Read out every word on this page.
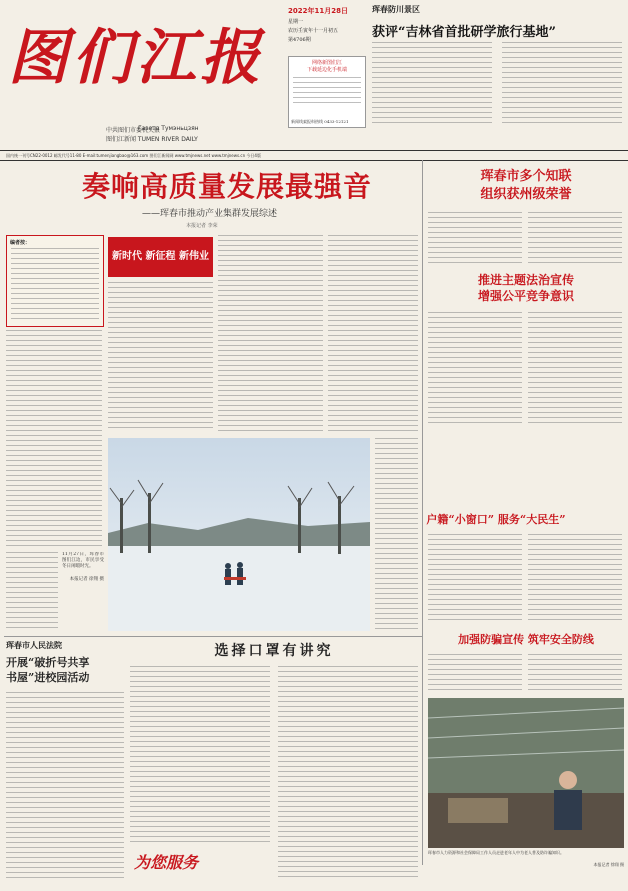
图们江报
中共图们市委机关报
Газета Тумэньцзян
图们江新闻 TUMEN RIVER DAILY
2022年11月28日
星期一
农历壬寅年十一月初五
第4706期
网络新图们江
下载延边化手机端
新闻线索报料热线 0433-12121
珲春防川景区
获评“吉林省首批研学旅行基地”
国内统一刊号CN22-0012 邮发代号11-80 E-mail:tumenjiangbao@163.com 图们江新闻网 www.tmjnews.net www.tmjnews.cn 今日4版
奏响高质量发展最强音
——珲春市推动产业集群发展综述
本报记者 李荣
编者按：
新时代 新征程 新伟业
11月27日，珲春市图们江边，市民享受冬日闲暇时光。
本报记者 徐翔 摄
珲春市多个知联
组织获州级荣誉
推进主题法治宣传
增强公平竞争意识
户籍“小窗口” 服务“大民生”
加强防骗宣传 筑牢安全防线
珲春市人力资源和社会保障局工作人员走进老年人中为老人普及防诈骗知识。
本报记者 徐翔 摄
珲春市人民法院
开展“破折号共享
书屋”进校园活动
选择口罩有讲究
为您服务
